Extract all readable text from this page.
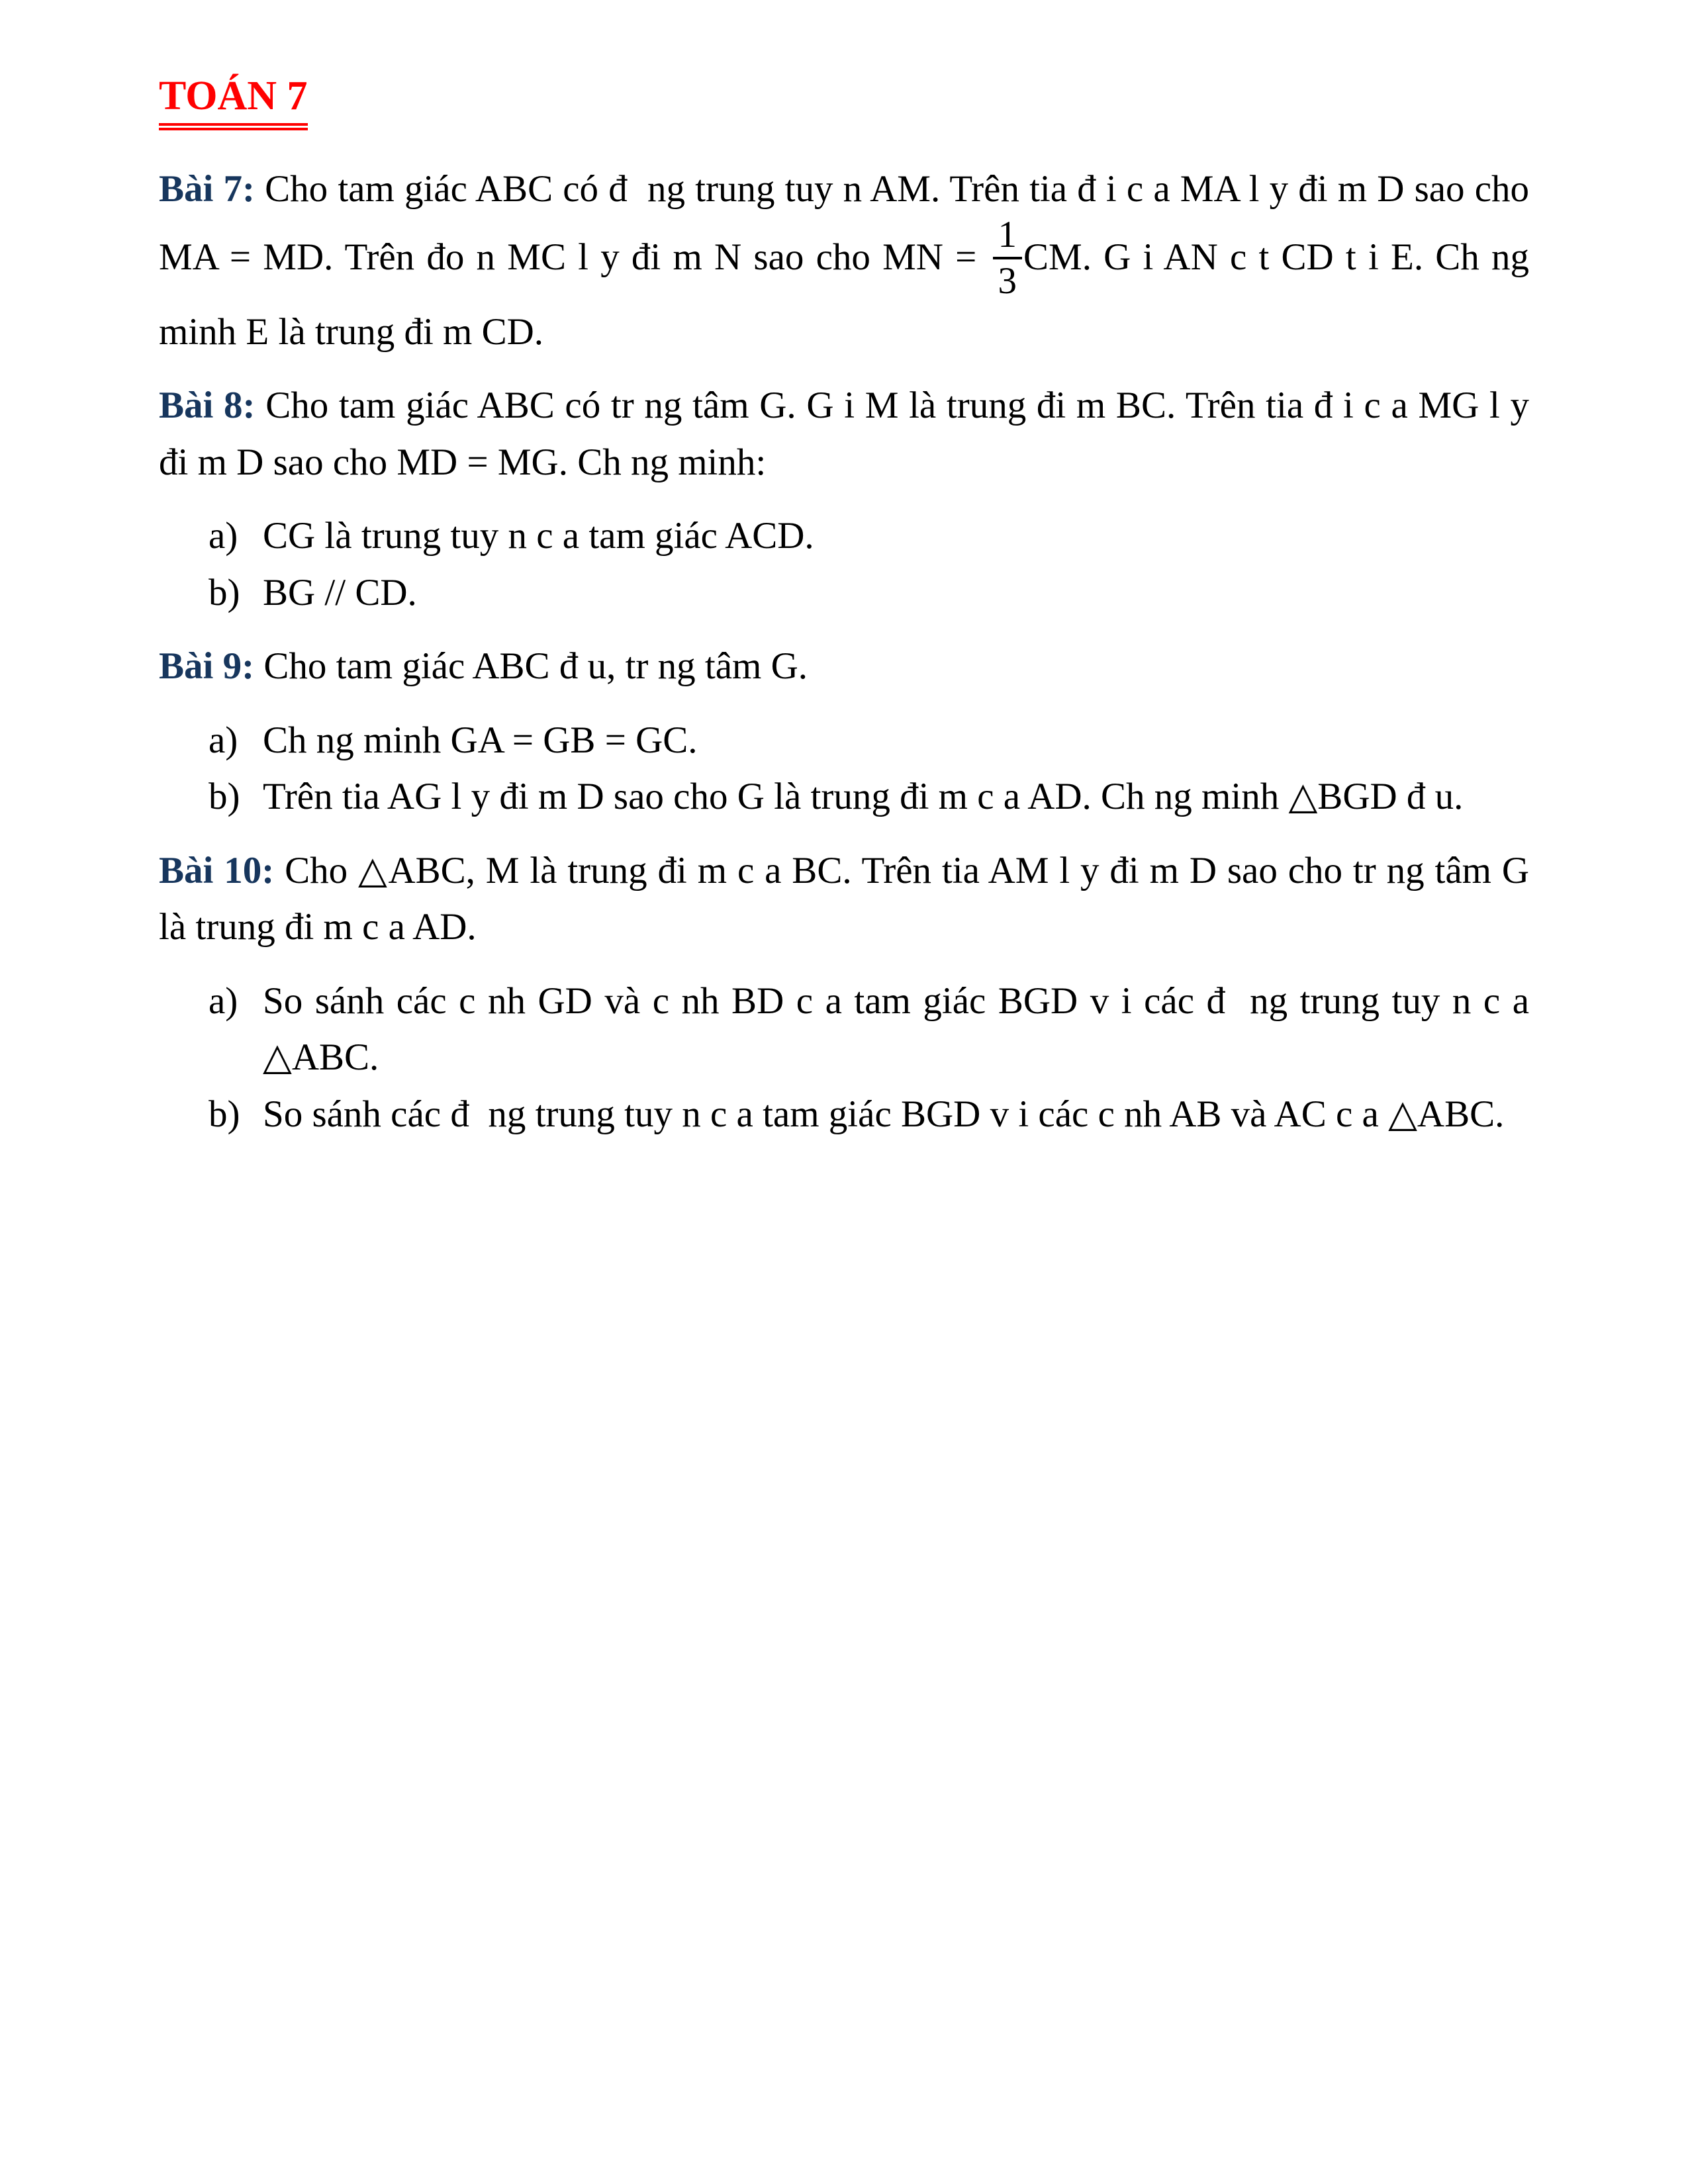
TOÁN 7

Bài 7: Cho tam giác ABC có đ  ng trung tuy n AM. Trên tia đ i c a MA l y đi m D sao cho MA = MD. Trên đo n MC l y đi m N sao cho MN = $\frac{1}{3}$ CM. G i AN c t CD t i E. Ch ng minh E là trung đi m CD.

Bài 8: Cho tam giác ABC có tr ng tâm G. G i M là trung đi m BC. Trên tia đ i c a MG l y đi m D sao cho MD = MG. Ch ng minh:

a) CG là trung tuy n c a tam giác ACD.
b) BG // CD.

Bài 9: Cho tam giác ABC đ u, tr ng tâm G.

a) Ch ng minh GA = GB = GC.
b) Trên tia AG l y đi m D sao cho G là trung đi m c a AD. Ch ng minh △BGD đ u.

Bài 10: Cho △ABC, M là trung đi m c a BC. Trên tia AM l y đi m D sao cho tr ng tâm G là trung đi m c a AD.

a) So sánh các c nh GD và c nh BD c a tam giác BGD v i các đ  ng trung tuy n c a △ABC.
b) So sánh các đ  ng trung tuy n c a tam giác BGD v i các c nh AB và AC c a △ABC.
